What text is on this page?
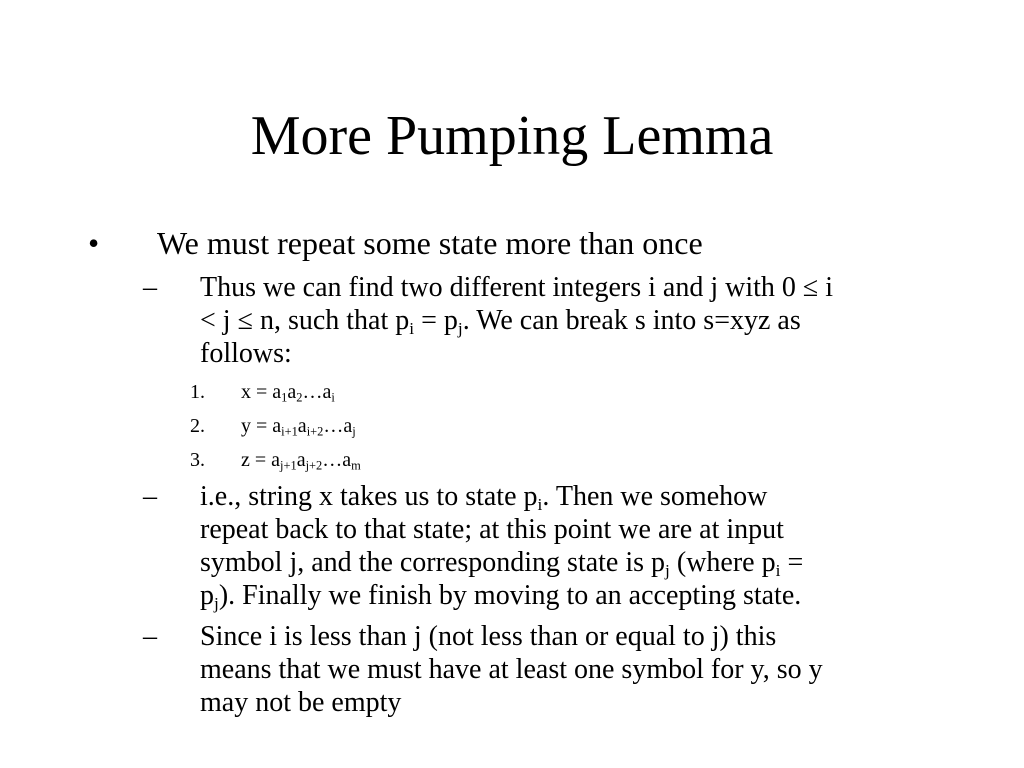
More Pumping Lemma
• We must repeat some state more than once
– Thus we can find two different integers i and j with 0 ≤ i
< j ≤ n, such that $p_i = p_j$. We can break s into s=xyz as
follows:
1. $x = a_1a_2\dots a_i$
2. $y = a_{i+1}a_{i+2}\dots a_j$
3. $z = a_{j+1}a_{j+2}\dots a_m$
– i.e., string x takes us to state $p_i$. Then we somehow
repeat back to that state; at this point we are at input
symbol j, and the corresponding state is $p_j$ (where $p_i$ =
$p_j$). Finally we finish by moving to an accepting state.
– Since i is less than j (not less than or equal to j) this
means that we must have at least one symbol for y, so y
may not be empty
